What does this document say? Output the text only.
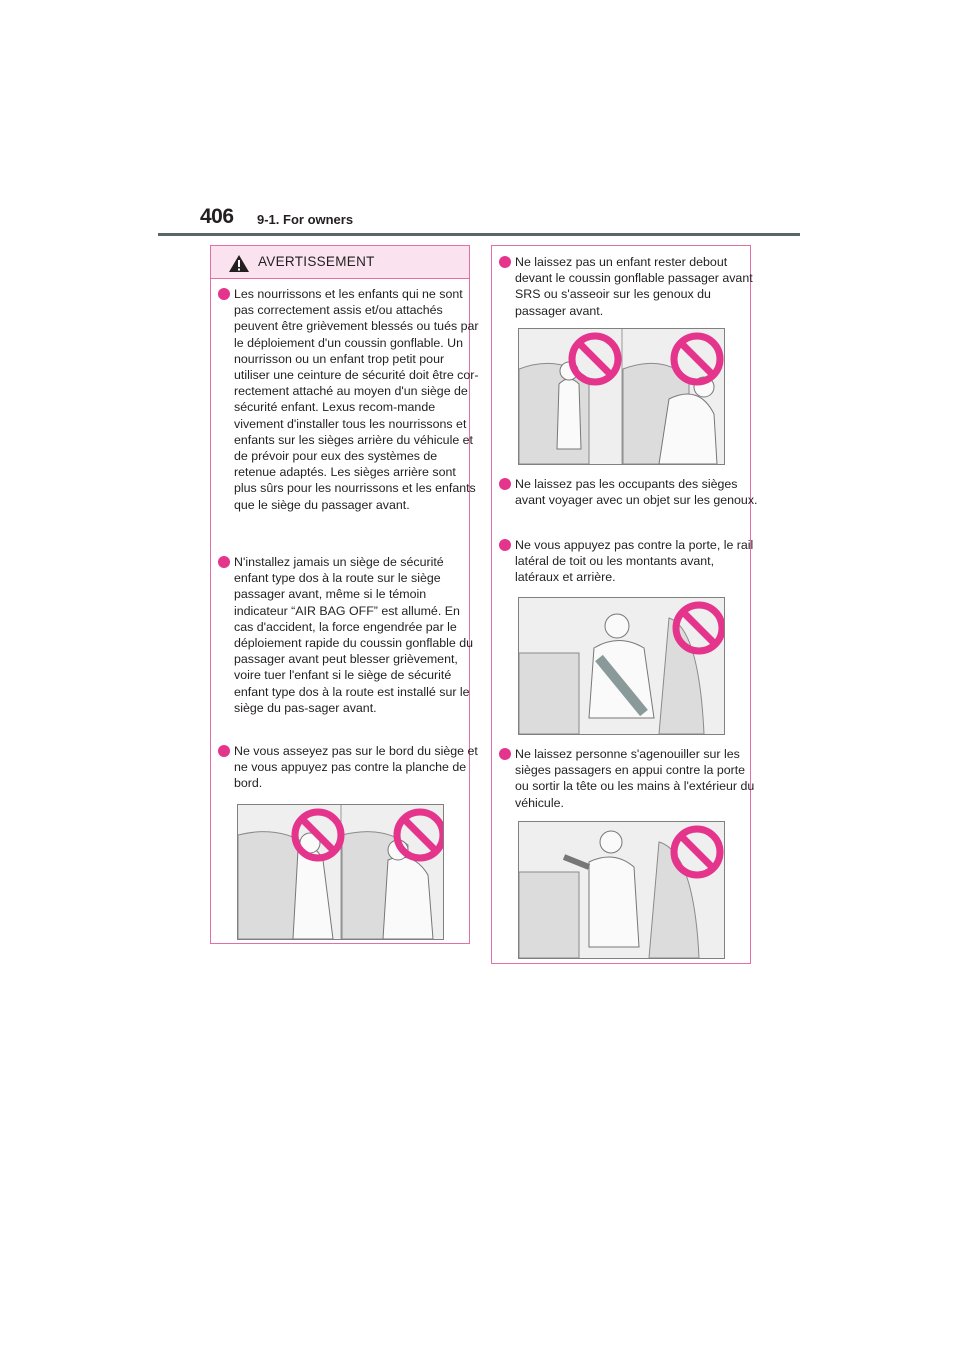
406 9-1. For owners
AVERTISSEMENT
Les nourrissons et les enfants qui ne sont pas correctement assis et/ou attachés peuvent être grièvement blessés ou tués par le déploiement d'un coussin gonflable. Un nourrisson ou un enfant trop petit pour utiliser une ceinture de sécurité doit être cor-rectement attaché au moyen d'un siège de sécurité enfant. Lexus recom-mande vivement d'installer tous les nourrissons et enfants sur les sièges arrière du véhicule et de prévoir pour eux des systèmes de retenue adaptés. Les sièges arrière sont plus sûrs pour les nourrissons et les enfants que le siège du passager avant.
N'installez jamais un siège de sécurité enfant type dos à la route sur le siège passager avant, même si le témoin indicateur “AIR BAG OFF” est allumé. En cas d'accident, la force engendrée par le déploiement rapide du coussin gonflable du passager avant peut blesser grièvement, voire tuer l'enfant si le siège de sécurité enfant type dos à la route est installé sur le siège du pas-sager avant.
Ne vous asseyez pas sur le bord du siège et ne vous appuyez pas contre la planche de bord.
Ne laissez pas un enfant rester debout devant le coussin gonflable passager avant SRS ou s'asseoir sur les genoux du passager avant.
Ne laissez pas les occupants des sièges avant voyager avec un objet sur les genoux.
Ne vous appuyez pas contre la porte, le rail latéral de toit ou les montants avant, latéraux et arrière.
Ne laissez personne s'agenouiller sur les sièges passagers en appui contre la porte ou sortir la tête ou les mains à l'extérieur du véhicule.
